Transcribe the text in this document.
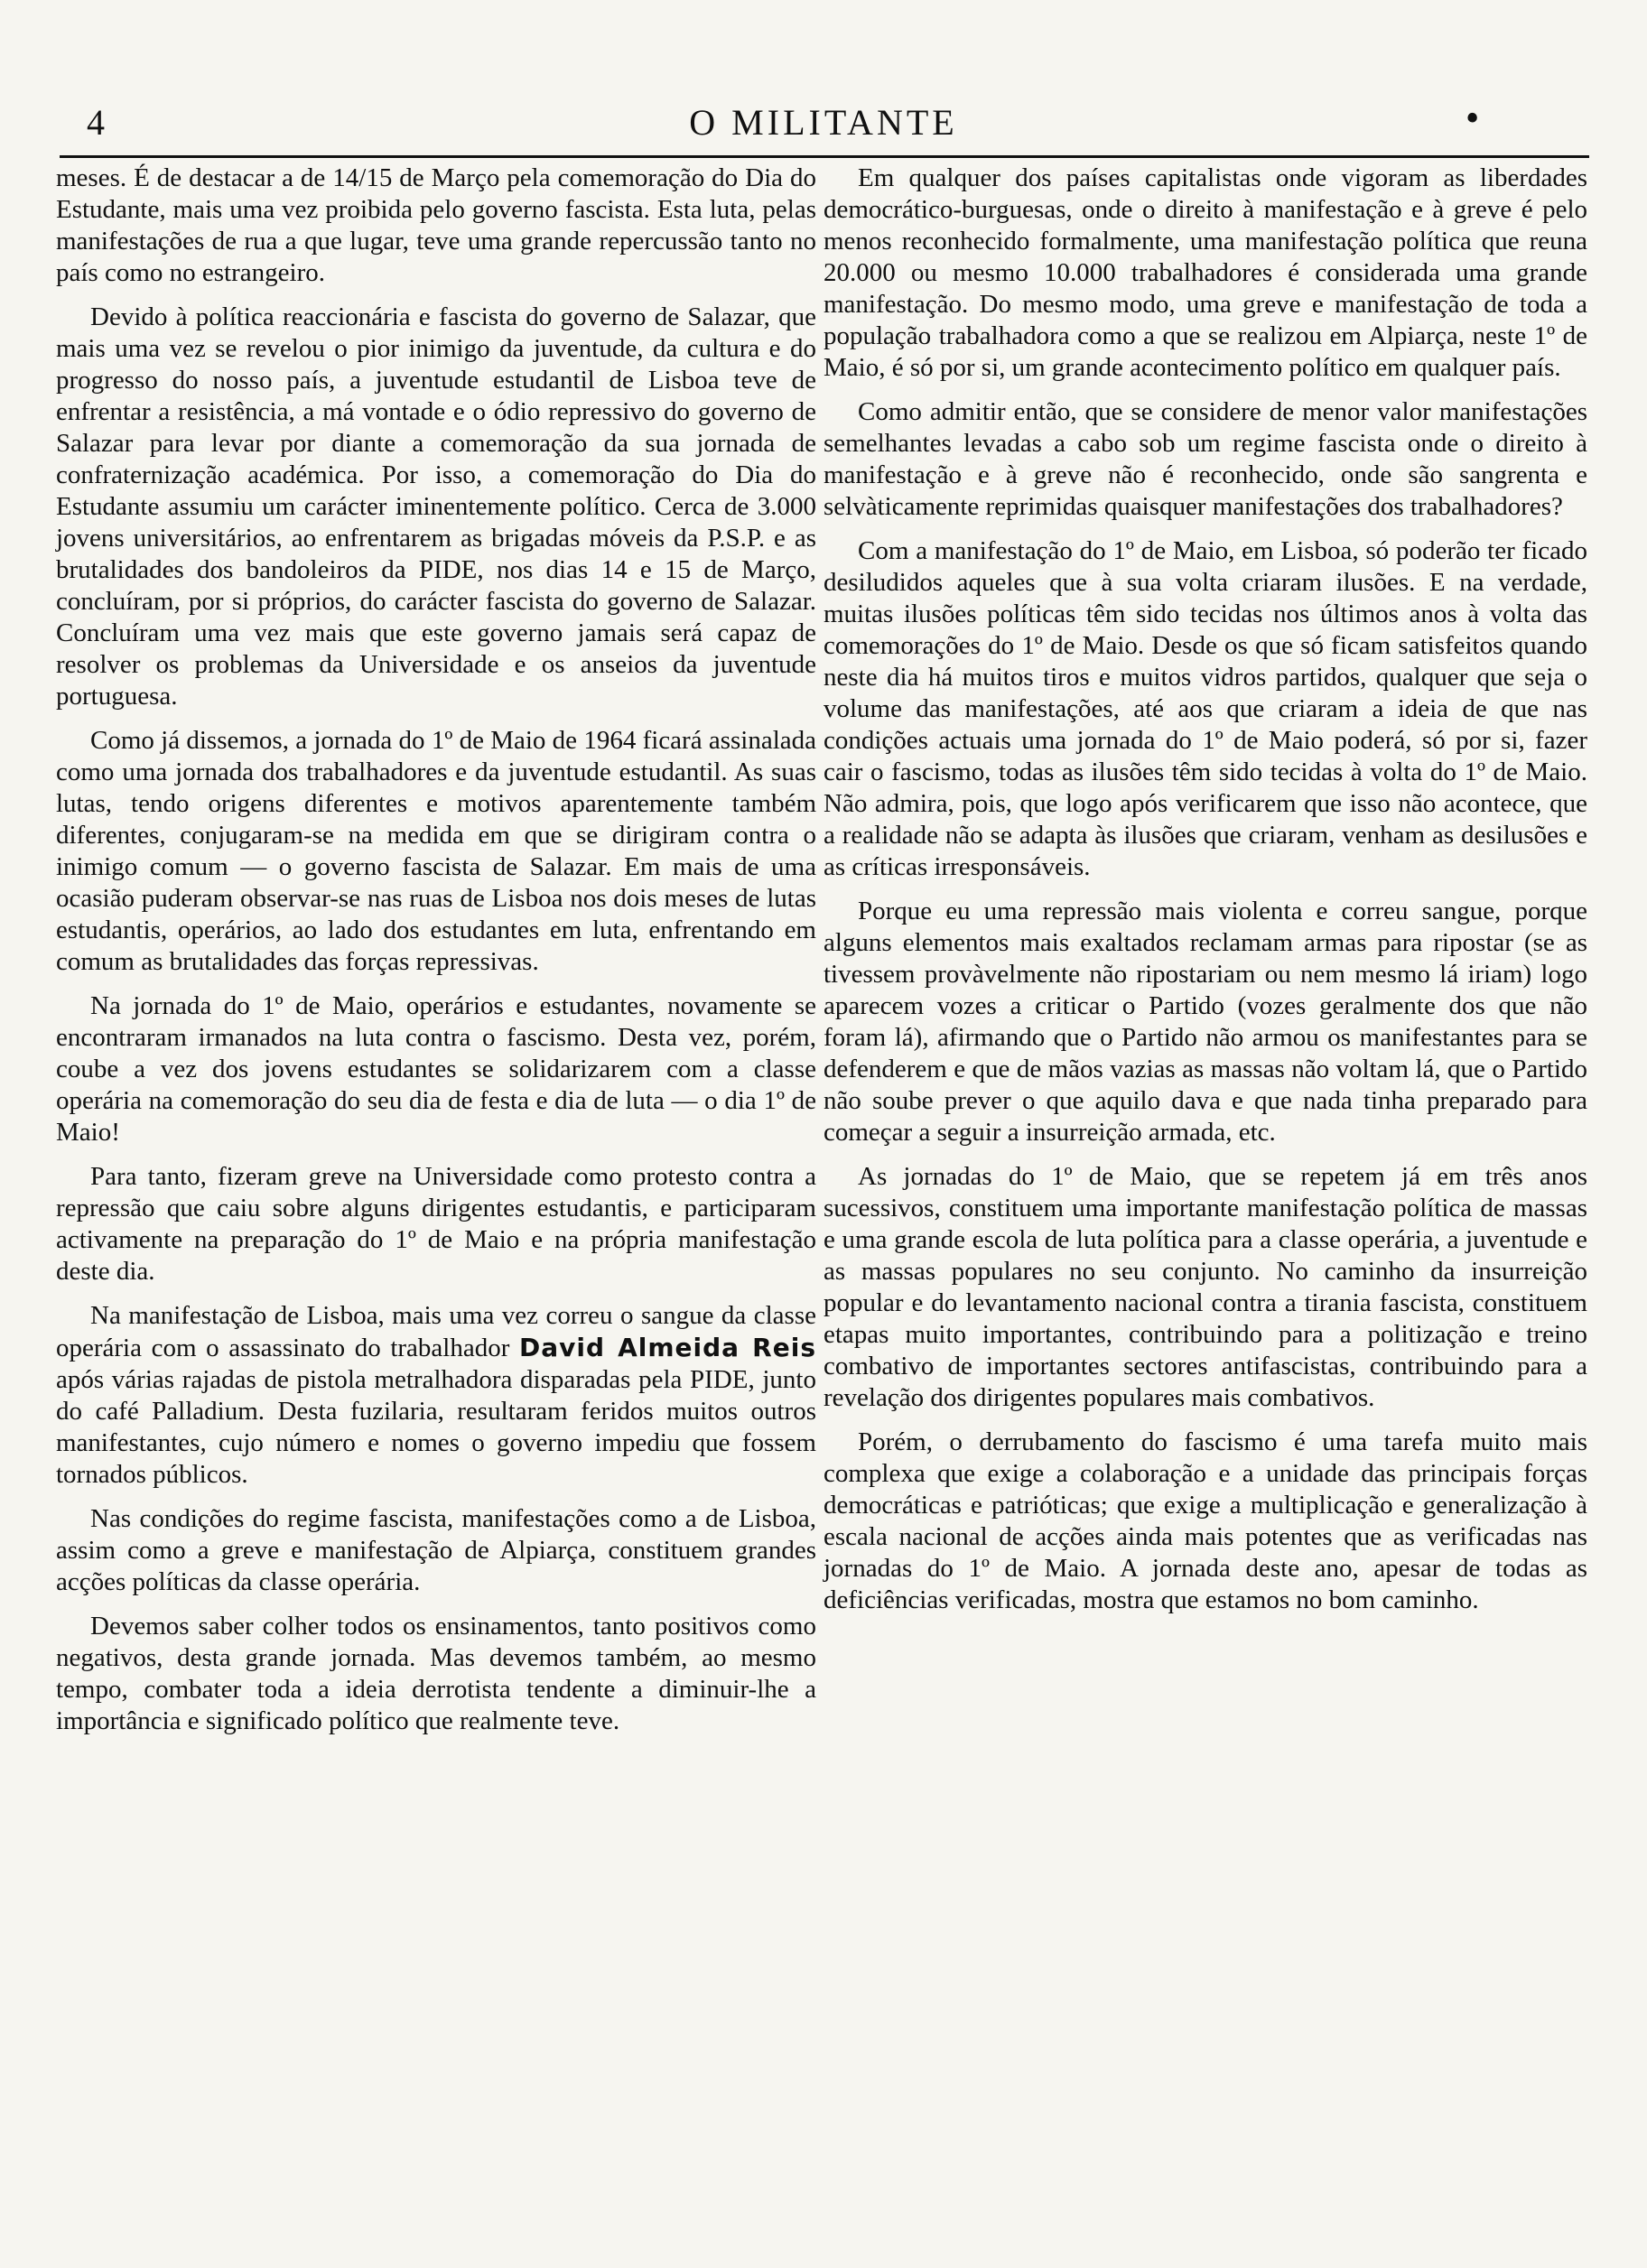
4	O MILITANTE	•

meses. É de destacar a de 14/15 de Março pela comemoração do Dia do Estudante, mais uma vez proibida pelo governo fascista. Esta luta, pelas manifestações de rua a que lugar, teve uma grande repercussão tanto no país como no estrangeiro.

Devido à política reaccionária e fascista do governo de Salazar, que mais uma vez se revelou o pior inimigo da juventude, da cultura e do progresso do nosso país, a juventude estudantil de Lisboa teve de enfrentar a resistência, a má vontade e o ódio repressivo do governo de Salazar para levar por diante a comemoração da sua jornada de confraternização académica. Por isso, a comemoração do Dia do Estudante assumiu um carácter iminentemente político. Cerca de 3.000 jovens universitários, ao enfrentarem as brigadas móveis da P.S.P. e as brutalidades dos bandoleiros da PIDE, nos dias 14 e 15 de Março, concluíram, por si próprios, do carácter fascista do governo de Salazar. Concluíram uma vez mais que este governo jamais será capaz de resolver os problemas da Universidade e os anseios da juventude portuguesa.

Como já dissemos, a jornada do 1º de Maio de 1964 ficará assinalada como uma jornada dos trabalhadores e da juventude estudantil. As suas lutas, tendo origens diferentes e motivos aparentemente também diferentes, conjugaram-se na medida em que se dirigiram contra o inimigo comum — o governo fascista de Salazar. Em mais de uma ocasião puderam observar-se nas ruas de Lisboa nos dois meses de lutas estudantis, operários, ao lado dos estudantes em luta, enfrentando em comum as brutalidades das forças repressivas.

Na jornada do 1º de Maio, operários e estudantes, novamente se encontraram irmanados na luta contra o fascismo. Desta vez, porém, coube a vez dos jovens estudantes se solidarizarem com a classe operária na comemoração do seu dia de festa e dia de luta — o dia 1º de Maio!

Para tanto, fizeram greve na Universidade como protesto contra a repressão que caiu sobre alguns dirigentes estudantis, e participaram activamente na preparação do 1º de Maio e na própria manifestação deste dia.

Na manifestação de Lisboa, mais uma vez correu o sangue da classe operária com o assassinato do trabalhador David Almeida Reis após várias rajadas de pistola metralhadora disparadas pela PIDE, junto do café Palladium. Desta fuzilaria, resultaram feridos muitos outros manifestantes, cujo número e nomes o governo impediu que fossem tornados públicos.

Nas condições do regime fascista, manifestações como a de Lisboa, assim como a greve e manifestação de Alpiarça, constituem grandes acções políticas da classe operária.

Devemos saber colher todos os ensinamentos, tanto positivos como negativos, desta grande jornada. Mas devemos também, ao mesmo tempo, combater toda a ideia derrotista tendente a diminuir-lhe a importância e significado político que realmente teve.

Em qualquer dos países capitalistas onde vigoram as liberdades democrático-burguesas, onde o direito à manifestação e à greve é pelo menos reconhecido formalmente, uma manifestação política que reuna 20.000 ou mesmo 10.000 trabalhadores é considerada uma grande manifestação. Do mesmo modo, uma greve e manifestação de toda a população trabalhadora como a que se realizou em Alpiarça, neste 1º de Maio, é só por si, um grande acontecimento político em qualquer país.

Como admitir então, que se considere de menor valor manifestações semelhantes levadas a cabo sob um regime fascista onde o direito à manifestação e à greve não é reconhecido, onde são sangrenta e selvàticamente reprimidas quaisquer manifestações dos trabalhadores?

Com a manifestação do 1º de Maio, em Lisboa, só poderão ter ficado desiludidos aqueles que à sua volta criaram ilusões. E na verdade, muitas ilusões políticas têm sido tecidas nos últimos anos à volta das comemorações do 1º de Maio. Desde os que só ficam satisfeitos quando neste dia há muitos tiros e muitos vidros partidos, qualquer que seja o volume das manifestações, até aos que criaram a ideia de que nas condições actuais uma jornada do 1º de Maio poderá, só por si, fazer cair o fascismo, todas as ilusões têm sido tecidas à volta do 1º de Maio. Não admira, pois, que logo após verificarem que isso não acontece, que a realidade não se adapta às ilusões que criaram, venham as desilusões e as críticas irresponsáveis.

Porque eu uma repressão mais violenta e correu sangue, porque alguns elementos mais exaltados reclamam armas para ripostar (se as tivessem provàvelmente não ripostariam ou nem mesmo lá iriam) logo aparecem vozes a criticar o Partido (vozes geralmente dos que não foram lá), afirmando que o Partido não armou os manifestantes para se defenderem e que de mãos vazias as massas não voltam lá, que o Partido não soube prever o que aquilo dava e que nada tinha preparado para começar a seguir a insurreição armada, etc.

As jornadas do 1º de Maio, que se repetem já em três anos sucessivos, constituem uma importante manifestação política de massas e uma grande escola de luta política para a classe operária, a juventude e as massas populares no seu conjunto. No caminho da insurreição popular e do levantamento nacional contra a tirania fascista, constituem etapas muito importantes, contribuindo para a politização e treino combativo de importantes sectores antifascistas, contribuindo para a revelação dos dirigentes populares mais combativos.

Porém, o derrubamento do fascismo é uma tarefa muito mais complexa que exige a colaboração e a unidade das principais forças democráticas e patrióticas; que exige a multiplicação e generalização à escala nacional de acções ainda mais potentes que as verificadas nas jornadas do 1º de Maio. A jornada deste ano, apesar de todas as deficiências verificadas, mostra que estamos no bom caminho.
